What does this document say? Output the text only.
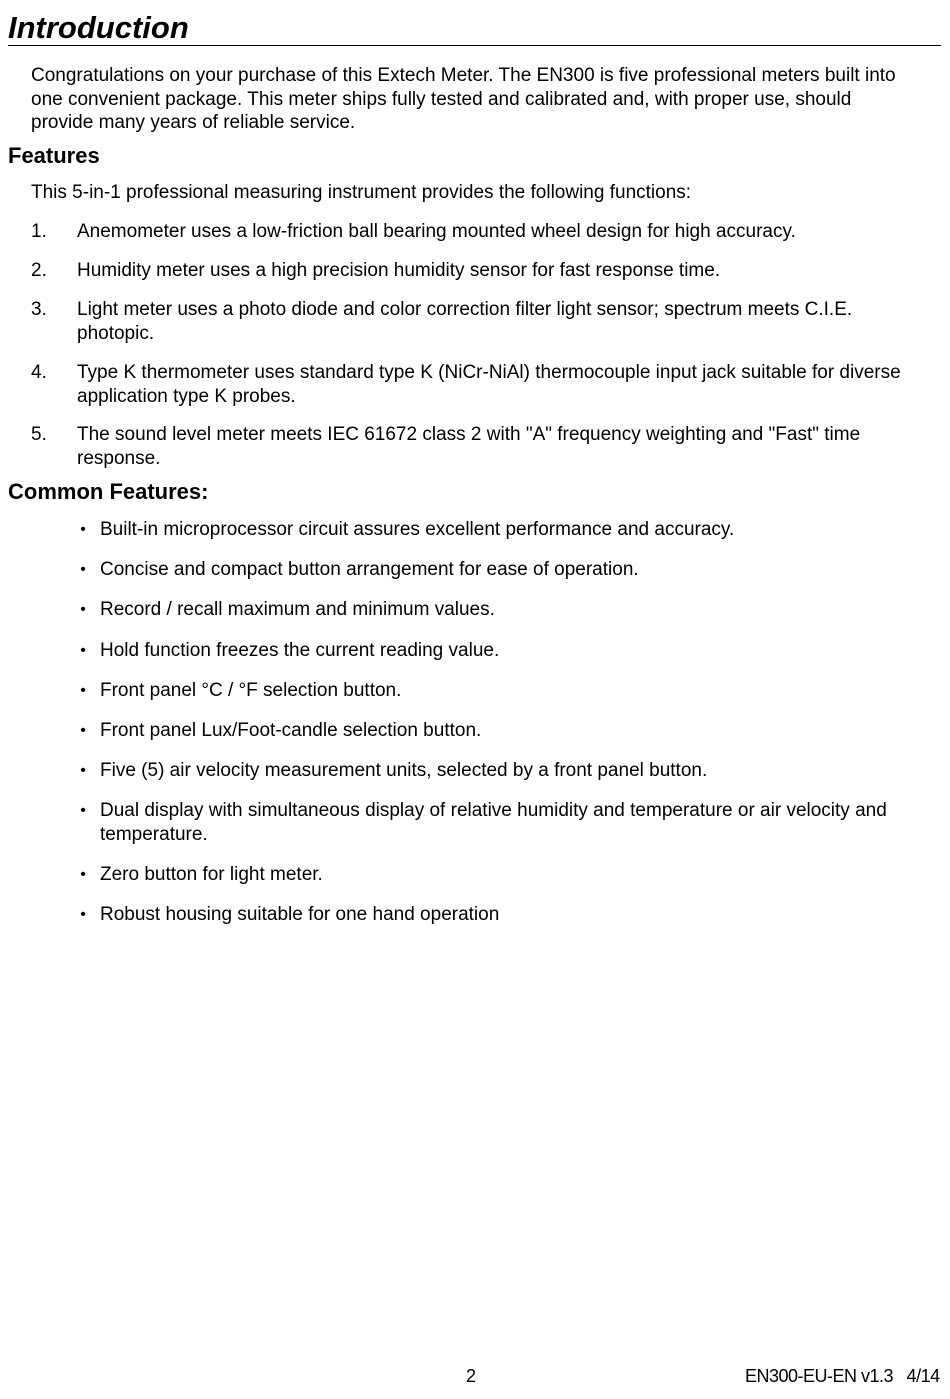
Introduction

Congratulations on your purchase of this Extech Meter. The EN300 is five professional meters built into one convenient package. This meter ships fully tested and calibrated and, with proper use, should provide many years of reliable service.

Features

This 5-in-1 professional measuring instrument provides the following functions:

1. Anemometer uses a low-friction ball bearing mounted wheel design for high accuracy.
2. Humidity meter uses a high precision humidity sensor for fast response time.
3. Light meter uses a photo diode and color correction filter light sensor; spectrum meets C.I.E. photopic.
4. Type K thermometer uses standard type K (NiCr-NiAl) thermocouple input jack suitable for diverse application type K probes.
5. The sound level meter meets IEC 61672 class 2 with "A" frequency weighting and "Fast" time response.
Common Features:
• Built-in microprocessor circuit assures excellent performance and accuracy.
• Concise and compact button arrangement for ease of operation.
• Record / recall maximum and minimum values.
• Hold function freezes the current reading value.
• Front panel °C / °F selection button.
• Front panel Lux/Foot-candle selection button.
• Five (5) air velocity measurement units, selected by a front panel button.
• Dual display with simultaneous display of relative humidity and temperature or air velocity and temperature.
• Zero button for light meter.
• Robust housing suitable for one hand operation

2	EN300-EU-EN v1.3   4/14
